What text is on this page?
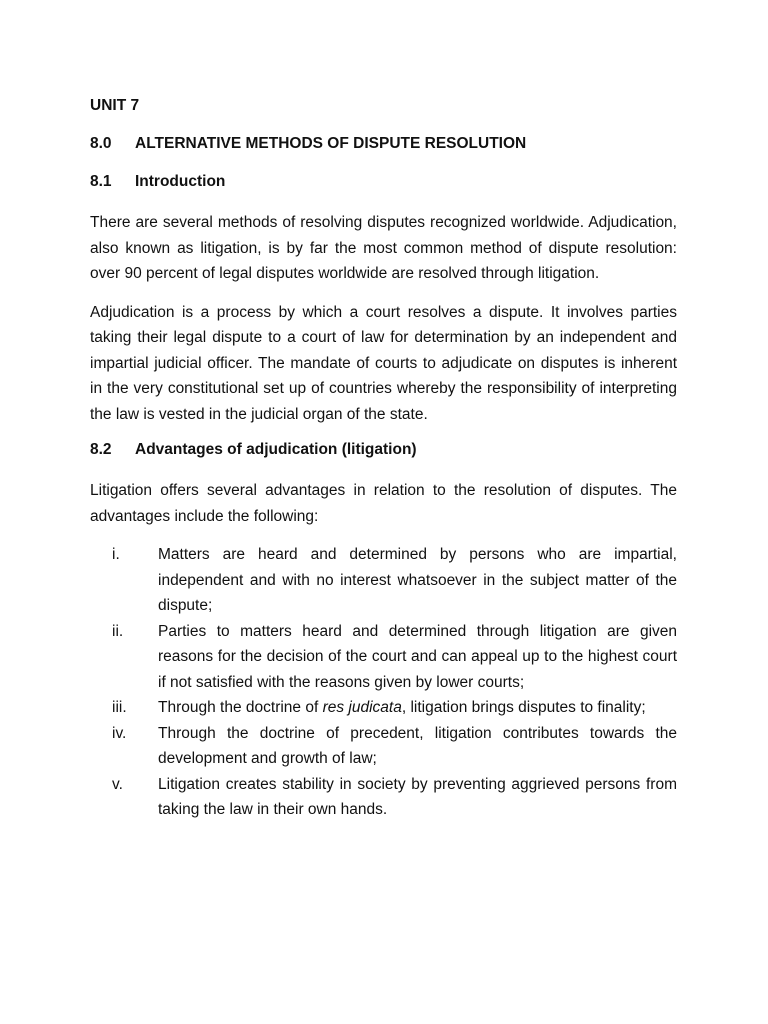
UNIT 7
8.0	ALTERNATIVE METHODS OF DISPUTE RESOLUTION
8.1	Introduction

There are several methods of resolving disputes recognized worldwide. Adjudication, also known as litigation, is by far the most common method of dispute resolution: over 90 percent of legal disputes worldwide are resolved through litigation.

Adjudication is a process by which a court resolves a dispute. It involves parties taking their legal dispute to a court of law for determination by an independent and impartial judicial officer. The mandate of courts to adjudicate on disputes is inherent in the very constitutional set up of countries whereby the responsibility of interpreting the law is vested in the judicial organ of the state.

8.2	Advantages of adjudication (litigation)

Litigation offers several advantages in relation to the resolution of disputes. The advantages include the following:

i.	Matters are heard and determined by persons who are impartial, independent and with no interest whatsoever in the subject matter of the dispute;
ii.	Parties to matters heard and determined through litigation are given reasons for the decision of the court and can appeal up to the highest court if not satisfied with the reasons given by lower courts;
iii.	Through the doctrine of res judicata, litigation brings disputes to finality;
iv.	Through the doctrine of precedent, litigation contributes towards the development and growth of law;
v.	Litigation creates stability in society by preventing aggrieved persons from taking the law in their own hands.
